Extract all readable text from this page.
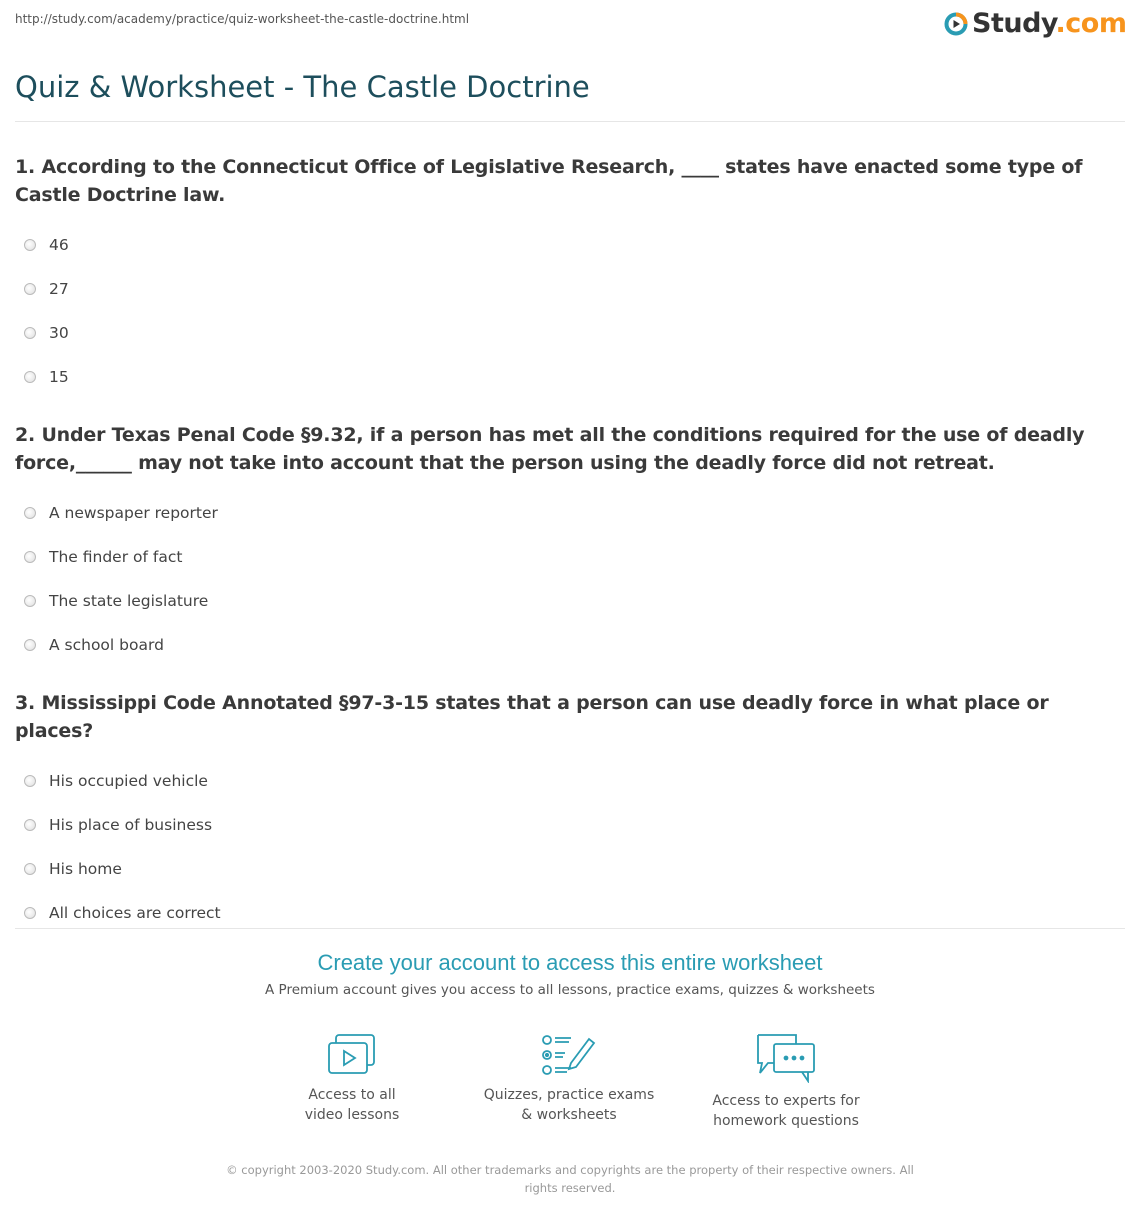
http://study.com/academy/practice/quiz-worksheet-the-castle-doctrine.html	Study.com
Quiz & Worksheet - The Castle Doctrine

1. According to the Connecticut Office of Legislative Research, ____ states have enacted some type of Castle Doctrine law.

46
27
30
15

2. Under Texas Penal Code §9.32, if a person has met all the conditions required for the use of deadly force,______ may not take into account that the person using the deadly force did not retreat.

A newspaper reporter
The finder of fact
The state legislature
A school board

3. Mississippi Code Annotated §97-3-15 states that a person can use deadly force in what place or places?

His occupied vehicle
His place of business
His home
All choices are correct
Create your account to access this entire worksheet
A Premium account gives you access to all lessons, practice exams, quizzes & worksheets
Access to all
video lessons
Quizzes, practice exams
& worksheets
Access to experts for
homework questions
© copyright 2003-2020 Study.com. All other trademarks and copyrights are the property of their respective owners. All rights reserved.
